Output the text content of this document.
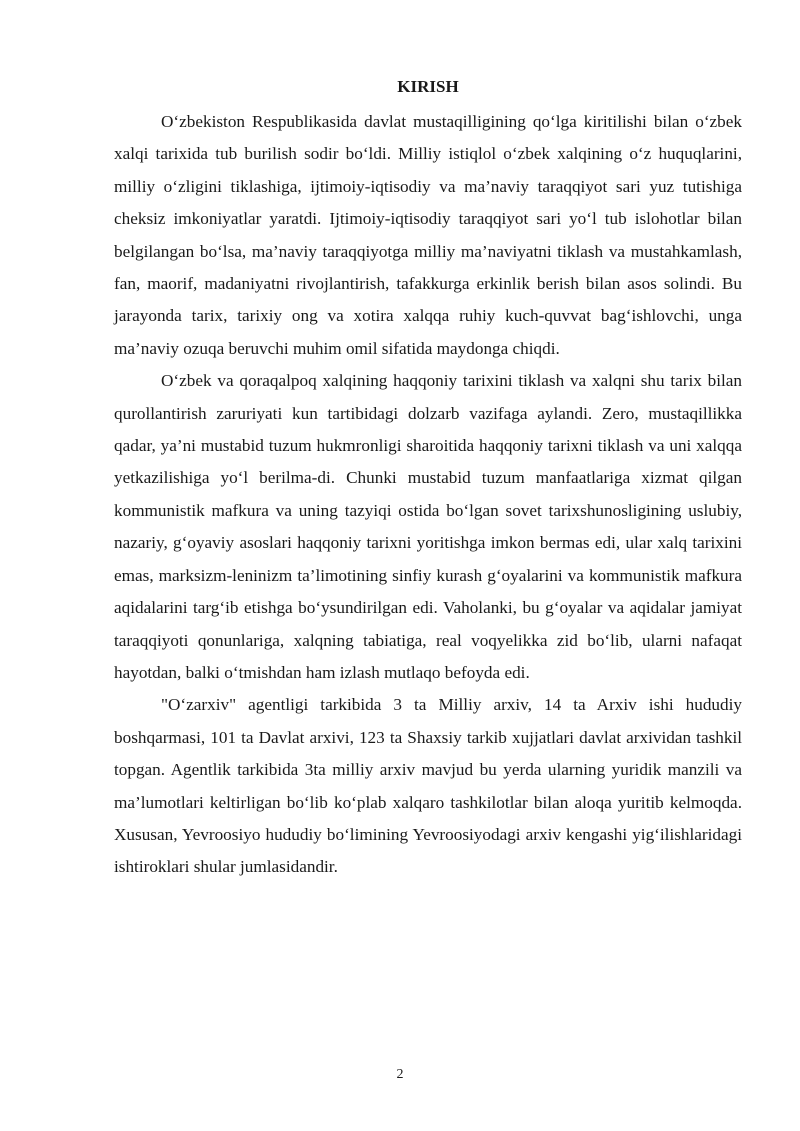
KIRISH

O‘zbekiston Respublikasida davlat mustaqilligining qo‘lga kiritilishi bilan o‘zbek xalqi tarixida tub burilish sodir bo‘ldi. Milliy istiqlol o‘zbek xalqining o‘z huquqlarini, milliy o‘zligini tiklashiga, ijtimoiy-iqtisodiy va ma’naviy taraqqiyot sari yuz tutishiga cheksiz imkoniyatlar yaratdi. Ijtimoiy-iqtisodiy taraqqiyot sari yo‘l tub islohotlar bilan belgilangan bo‘lsa, ma’naviy taraqqiyotga milliy ma’naviyatni tiklash va mustahkamlash, fan, maorif, madaniyatni rivojlantirish, tafakkurga erkinlik berish bilan asos solindi. Bu jarayonda tarix, tarixiy ong va xotira xalqqa ruhiy kuch-quvvat bag‘ishlovchi, unga ma’naviy ozuqa beruvchi muhim omil sifatida maydonga chiqdi.

O‘zbek va qoraqalpoq xalqining haqqoniy tarixini tiklash va xalqni shu tarix bilan qurollantirish zaruriyati kun tartibidagi dolzarb vazifaga aylandi. Zero, mustaqillikka qadar, ya’ni mustabid tuzum hukmronligi sharoitida haqqoniy tarixni tiklash va uni xalqqa yetkazilishiga yo‘l berilma-di. Chunki mustabid tuzum manfaatlariga xizmat qilgan kommunistik mafkura va uning tazyiqi ostida bo‘lgan sovet tarixshunosligining uslubiy, nazariy, g‘oyaviy asoslari haqqoniy tarixni yoritishga imkon bermas edi, ular xalq tarixini emas, marksizm-leninizm ta’limotining sinfiy kurash g‘oyalarini va kommunistik mafkura aqidalarini targ‘ib etishga bo‘ysundirilgan edi. Vaholanki, bu g‘oyalar va aqidalar jamiyat taraqqiyoti qonunlariga, xalqning tabiatiga, real voqyelikka zid bo‘lib, ularni nafaqat hayotdan, balki o‘tmishdan ham izlash mutlaqo befoyda edi.

"O‘zarxiv" agentligi tarkibida 3 ta Milliy arxiv, 14 ta Arxiv ishi hududiy boshqarmasi, 101 ta Davlat arxivi, 123 ta Shaxsiy tarkib xujjatlari davlat arxividan tashkil topgan. Agentlik tarkibida 3ta milliy arxiv mavjud bu yerda ularning yuridik manzili va ma’lumotlari keltirligan bo‘lib ko‘plab xalqaro tashkilotlar bilan aloqa yuritib kelmoqda. Xususan, Yevroosiyo hududiy bo‘limining Yevroosiyodagi arxiv kengashi yig‘ilishlaridagi ishtiroklari shular jumlasidandir.

2
